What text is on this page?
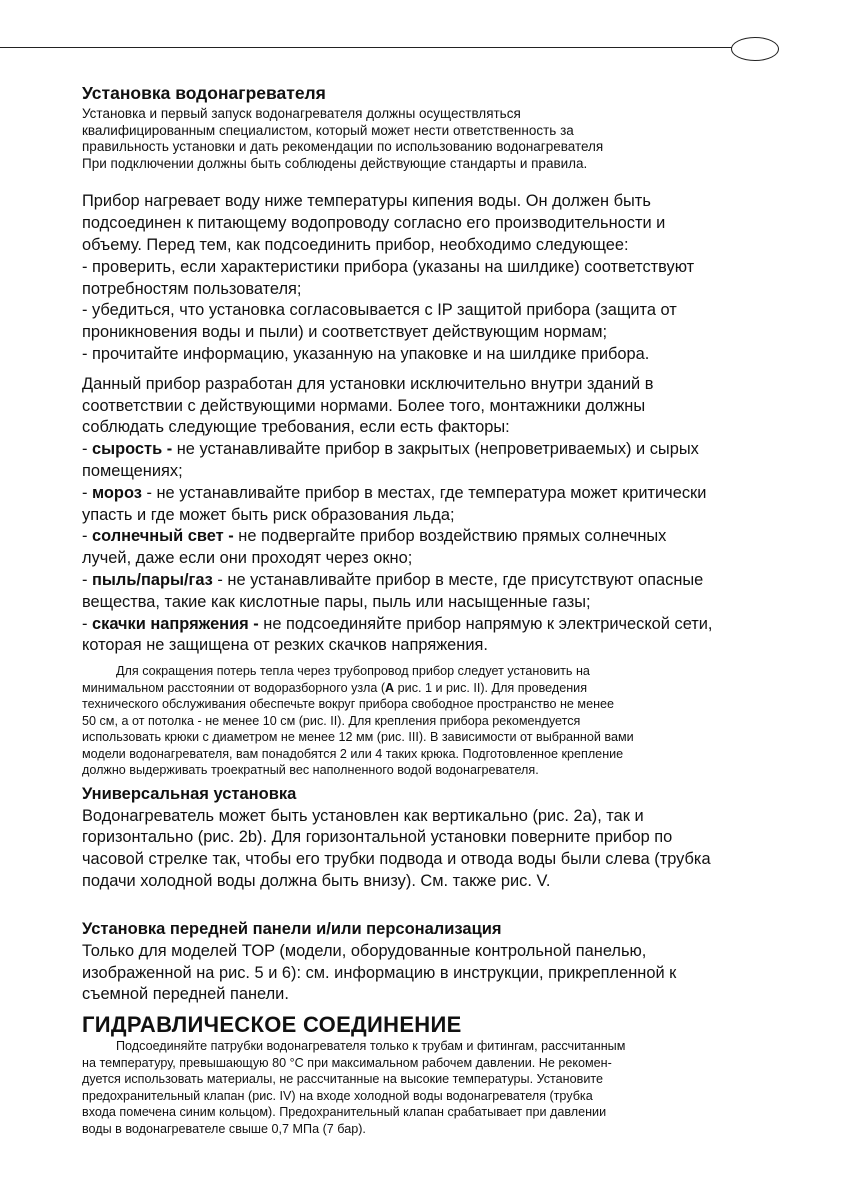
Установка водонагревателя

Установка и первый запуск водонагревателя должны осуществляться

квалифицированным специалистом, который может нести ответственность за

правильность установки и дать рекомендации по использованию водонагревателя

При подключении должны быть соблюдены действующие стандарты и правила.

Прибор нагревает воду ниже температуры кипения воды. Он должен быть

подсоединен к питающему водопроводу согласно его производительности и

объему. Перед тем, как подсоединить прибор, необходимо следующее:

- проверить, если характеристики прибора (указаны на шилдике) соответствуют

потребностям пользователя;

- убедиться, что установка согласовывается с IP защитой прибора (защита от

проникновения воды и пыли) и соответствует действующим нормам;

- прочитайте информацию, указанную на упаковке и на шилдике прибора.

Данный прибор разработан для установки исключительно внутри зданий в

соответствии с действующими нормами. Более того, монтажники должны

соблюдать следующие требования, если есть факторы:

- сырость - не устанавливайте прибор в закрытых (непроветриваемых) и сырых

помещениях;

- мороз - не устанавливайте прибор в местах, где температура может критически

упасть и где может быть риск образования льда;

- солнечный свет - не подвергайте прибор воздействию прямых солнечных

лучей, даже если они проходят через окно;

- пыль/пары/газ - не устанавливайте прибор в месте, где присутствуют опасные

вещества, такие как кислотные пары, пыль или насыщенные газы;

- скачки напряжения - не подсоединяйте прибор напрямую к электрической сети,

которая не защищена от резких скачков напряжения.

Для сокращения потерь тепла через трубопровод прибор следует установить на

минимальном расстоянии от водоразборного узла (A рис. 1 и рис. II). Для проведения

технического обслуживания обеспечьте вокруг прибора свободное пространство не менее

50 см, а от потолка - не менее 10 см (рис. II). Для крепления прибора рекомендуется

использовать крюки с диаметром не менее 12 мм (рис. III). В зависимости от выбранной вами

модели водонагревателя, вам понадобятся 2 или 4 таких крюка. Подготовленное крепление

должно выдерживать троекратный вес наполненного водой водонагревателя.

Универсальная установка

Водонагреватель может быть установлен как вертикально (рис. 2a), так и

горизонтально (рис. 2b). Для горизонтальной установки поверните прибор по

часовой стрелке так, чтобы его трубки подвода и отвода воды были слева (трубка

подачи холодной воды должна быть внизу). См. также рис. V.

Установка передней панели и/или персонализация

Только для моделей TOP (модели, оборудованные контрольной панелью,

изображенной на рис. 5 и 6): см. информацию в инструкции, прикрепленной к

съемной передней панели.

ГИДРАВЛИЧЕСКОЕ СОЕДИНЕНИЕ

Подсоединяйте патрубки водонагревателя только к трубам и фитингам, рассчитанным

на температуру, превышающую 80 °С при максимальном рабочем давлении. Не рекомен-

дуется использовать материалы, не рассчитанные на высокие температуры. Установите

предохранительный клапан (рис. IV) на входе холодной воды водонагревателя (трубка

входа помечена синим кольцом). Предохранительный клапан срабатывает при давлении

воды в водонагревателе свыше 0,7 МПа (7 бар).
